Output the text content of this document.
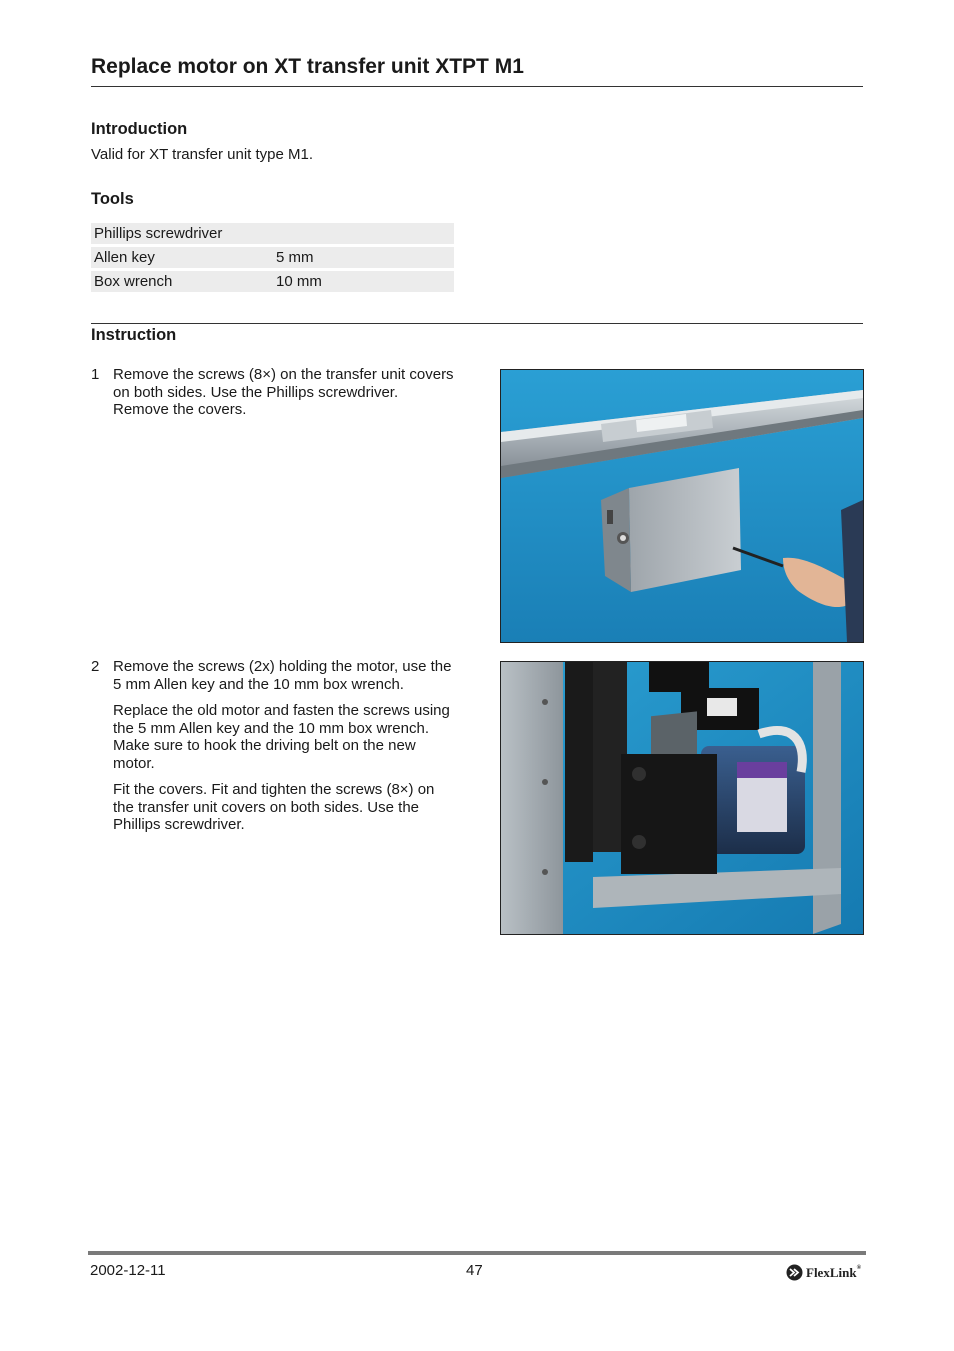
Replace motor on XT transfer unit XTPT M1
Introduction

Valid for XT transfer unit type M1.

Tools
Phillips screwdriver	
Allen key	5 mm
Box wrench	10 mm
Instruction
1 Remove the screws (8×) on the transfer unit covers on both sides. Use the Phillips screwdriver. Remove the covers.

2 Remove the screws (2x) holding the motor, use the 5 mm Allen key and the 10 mm box wrench.

Replace the old motor and fasten the screws using the 5 mm Allen key and the 10 mm box wrench. Make sure to hook the driving belt on the new motor.

Fit the covers. Fit and tighten the screws (8×) on the transfer unit covers on both sides. Use the Phillips screwdriver.

2002-12-11	47	FlexLink®
